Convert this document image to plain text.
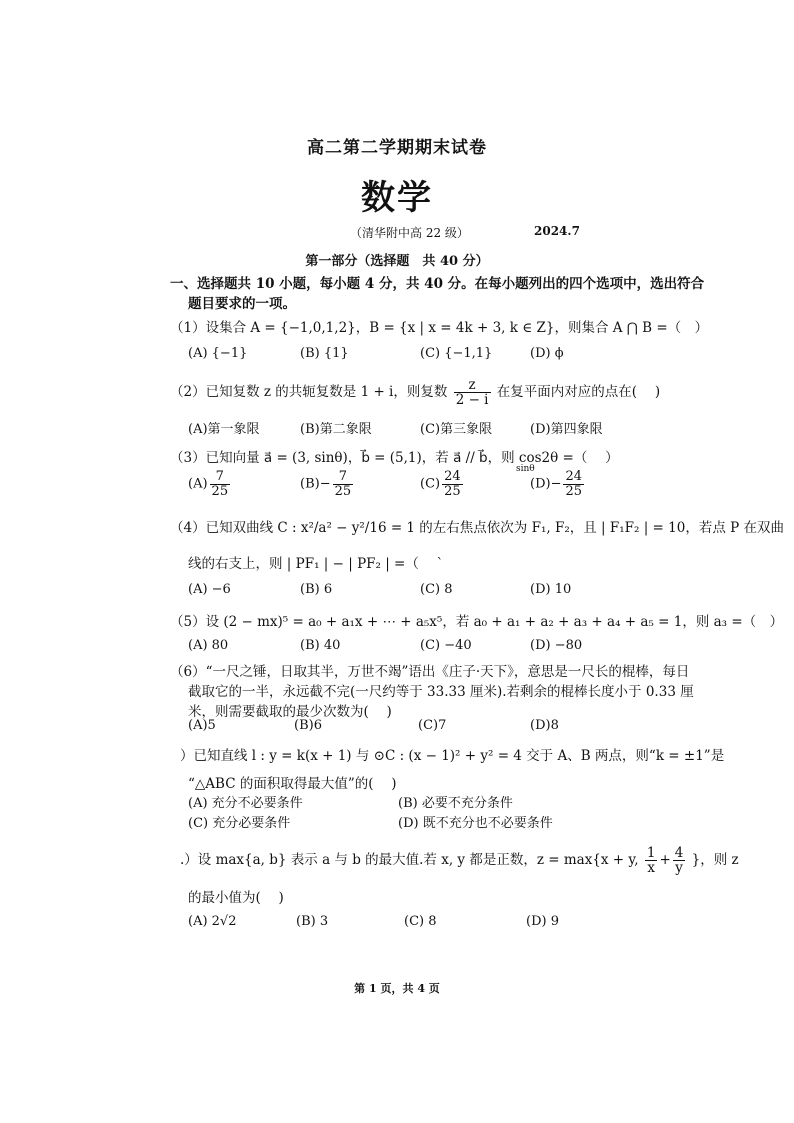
高二第二学期期末试卷
数学
（清华附中高 22 级）	2024.7
第一部分（选择题　共 40 分）
一、选择题共 10 小题，每小题 4 分，共 40 分。在每小题列出的四个选项中，选出符合
题目要求的一项。
（1）设集合 A = {−1,0,1,2}，B = {x | x = 4k + 3, k ∈ Z}，则集合 A ⋂ B =（　）
(A) {−1}	(B) {1}	(C) {−1,1}	(D) ϕ
（2）已知复数 z 的共轭复数是 1 + i，则复数 $\frac{z}{2 - i}$ 在复平面内对应的点在(　 )
(A)第一象限	(B)第二象限	(C)第三象限	(D)第四象限
（3）已知向量 a⃗ = (3, sinθ)，b⃗ = (5,1)，若 a⃗ // b⃗，则 cos2θ =（　 ）
sinθ
$(A) \frac{7}{25}$	$(B)- \frac{7}{25}$	$(C) \frac{24}{25}$	$(D)- \frac{24}{25}$
（4）已知双曲线 C : x²/a² − y²/16 = 1 的左右焦点依次为 F₁, F₂，且 | F₁F₂ | = 10，若点 P 在双曲
线的右支上，则 | PF₁ | − | PF₂ | =（　 `
(A) −6	(B) 6	(C) 8	(D) 10
（5）设 (2 − mx)⁵ = a₀ + a₁x + ⋯ + a₅x⁵，若 a₀ + a₁ + a₂ + a₃ + a₄ + a₅ = 1，则 a₃ =（　）
(A) 80	(B) 40	(C) −40	(D) −80
（6）“一尺之锤，日取其半，万世不竭”语出《庄子·天下》，意思是一尺长的棍棒，每日
截取它的一半，永远截不完(一尺约等于 33.33 厘米).若剩余的棍棒长度小于 0.33 厘
米，则需要截取的最少次数为(　 )
(A)5	(B)6	(C)7	(D)8
）已知直线 l : y = k(x + 1) 与 ⊙C : (x − 1)² + y² = 4 交于 A、B 两点，则“k = ±1”是
“△ABC 的面积取得最大值”的(　 )
(A) 充分不必要条件	(B) 必要不充分条件
(C) 充分必要条件	(D) 既不充分也不必要条件
.）设 max{a, b} 表示 a 与 b 的最大值.若 x, y 都是正数，z = max{x + y, $\frac{1}{x} + \frac{4}{y}$ }，则 z
的最小值为(　 )
(A) 2√2	(B) 3	(C) 8	(D) 9
第 1 页，共 4 页
